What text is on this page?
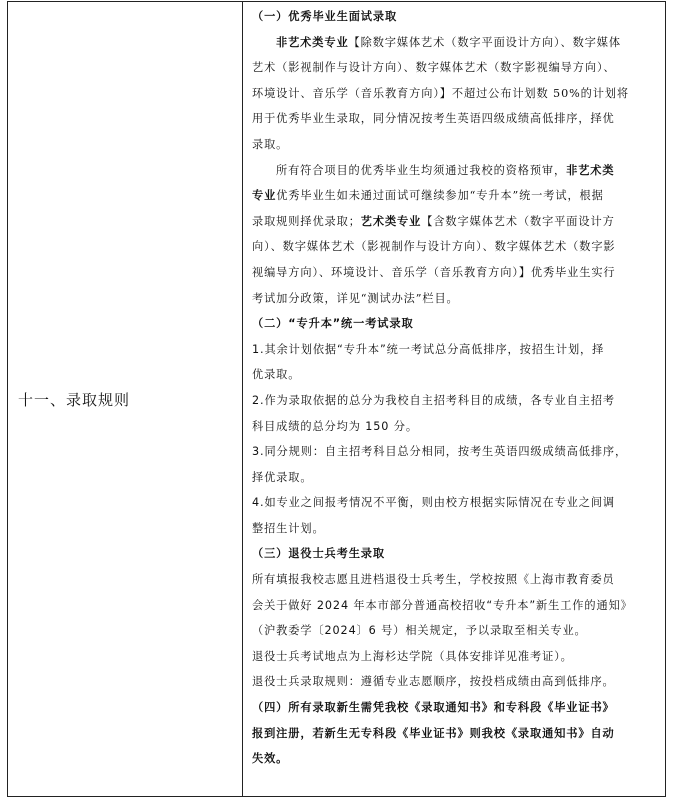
十一、录取规则
（一）优秀毕业生面试录取
非艺术类专业【除数字媒体艺术（数字平面设计方向）、数字媒体
艺术（影视制作与设计方向）、数字媒体艺术（数字影视编导方向）、
环境设计、音乐学（音乐教育方向）】不超过公布计划数 50%的计划将
用于优秀毕业生录取，同分情况按考生英语四级成绩高低排序，择优
录取。
所有符合项目的优秀毕业生均须通过我校的资格预审，非艺术类
专业优秀毕业生如未通过面试可继续参加“专升本”统一考试，根据
录取规则择优录取；艺术类专业【含数字媒体艺术（数字平面设计方
向）、数字媒体艺术（影视制作与设计方向）、数字媒体艺术（数字影
视编导方向）、环境设计、音乐学（音乐教育方向）】优秀毕业生实行
考试加分政策，详见“测试办法”栏目。
（二）“专升本”统一考试录取
1.其余计划依据“专升本”统一考试总分高低排序，按招生计划，择
优录取。
2.作为录取依据的总分为我校自主招考科目的成绩，各专业自主招考
科目成绩的总分均为 150 分。
3.同分规则：自主招考科目总分相同，按考生英语四级成绩高低排序，
择优录取。
4.如专业之间报考情况不平衡，则由校方根据实际情况在专业之间调
整招生计划。
（三）退役士兵考生录取
所有填报我校志愿且进档退役士兵考生，学校按照《上海市教育委员
会关于做好 2024 年本市部分普通高校招收“专升本”新生工作的通知》
（沪教委学〔2024〕6 号）相关规定，予以录取至相关专业。
退役士兵考试地点为上海杉达学院（具体安排详见准考证）。
退役士兵录取规则：遵循专业志愿顺序，按投档成绩由高到低排序。
（四）所有录取新生需凭我校《录取通知书》和专科段《毕业证书》
报到注册，若新生无专科段《毕业证书》则我校《录取通知书》自动
失效。
